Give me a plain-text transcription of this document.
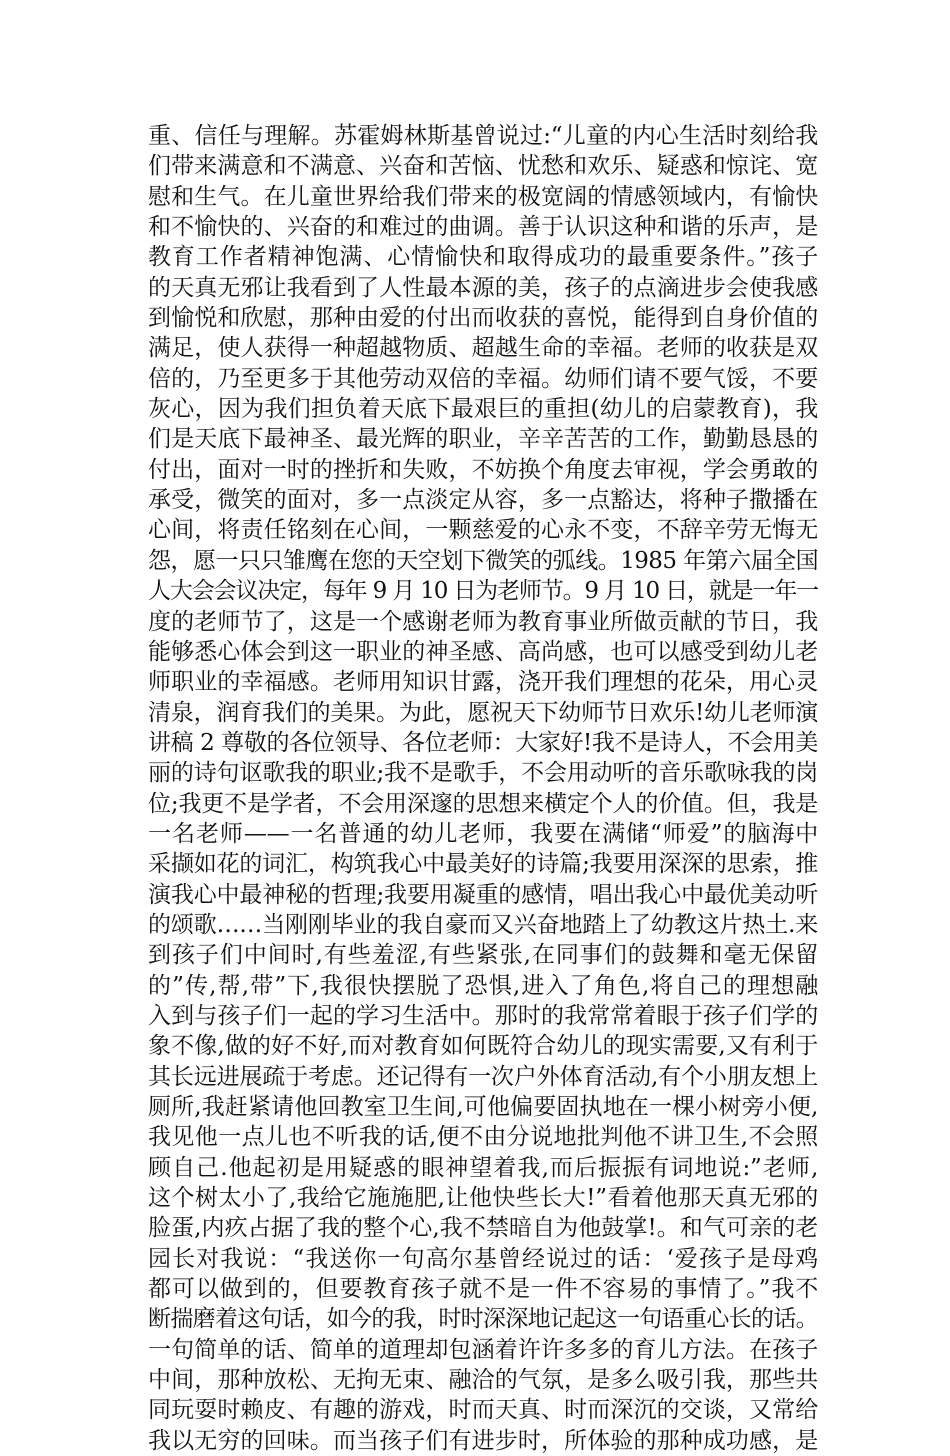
重、信任与理解。苏霍姆林斯基曾说过:“儿童的内心生活时刻给我
们带来满意和不满意、兴奋和苦恼、忧愁和欢乐、疑惑和惊诧、宽
慰和生气。在儿童世界给我们带来的极宽阔的情感领域内，有愉快
和不愉快的、兴奋的和难过的曲调。善于认识这种和谐的乐声，是
教育工作者精神饱满、心情愉快和取得成功的最重要条件。”孩子
的天真无邪让我看到了人性最本源的美，孩子的点滴进步会使我感
到愉悦和欣慰，那种由爱的付出而收获的喜悦，能得到自身价值的
满足，使人获得一种超越物质、超越生命的幸福。老师的收获是双
倍的，乃至更多于其他劳动双倍的幸福。幼师们请不要气馁，不要
灰心，因为我们担负着天底下最艰巨的重担(幼儿的启蒙教育)，我
们是天底下最神圣、最光辉的职业，辛辛苦苦的工作，勤勤恳恳的
付出，面对一时的挫折和失败，不妨换个角度去审视，学会勇敢的
承受，微笑的面对，多一点淡定从容，多一点豁达，将种子撒播在
心间，将责任铭刻在心间，一颗慈爱的心永不变，不辞辛劳无悔无
怨，愿一只只雏鹰在您的天空划下微笑的弧线。1985 年第六届全国
人大会会议决定，每年 9 月 10 日为老师节。9 月 10 日，就是一年一
度的老师节了，这是一个感谢老师为教育事业所做贡献的节日，我
能够悉心体会到这一职业的神圣感、高尚感，也可以感受到幼儿老
师职业的幸福感。老师用知识甘露，浇开我们理想的花朵，用心灵
清泉，润育我们的美果。为此，愿祝天下幼师节日欢乐!幼儿老师演
讲稿 2 尊敬的各位领导、各位老师：大家好!我不是诗人，不会用美
丽的诗句讴歌我的职业;我不是歌手，不会用动听的音乐歌咏我的岗
位;我更不是学者，不会用深邃的思想来横定个人的价值。但，我是
一名老师——一名普通的幼儿老师，我要在满储“师爱”的脑海中
采撷如花的词汇，构筑我心中最美好的诗篇;我要用深深的思索，推
演我心中最神秘的哲理;我要用凝重的感情，唱出我心中最优美动听
的颂歌……当刚刚毕业的我自豪而又兴奋地踏上了幼教这片热土.来
到孩子们中间时,有些羞涩,有些紧张,在同事们的鼓舞和毫无保留
的”传,帮,带”下,我很快摆脱了恐惧,进入了角色,将自己的理想融
入到与孩子们一起的学习生活中。那时的我常常着眼于孩子们学的
象不像,做的好不好,而对教育如何既符合幼儿的现实需要,又有利于
其长远进展疏于考虑。还记得有一次户外体育活动,有个小朋友想上
厕所,我赶紧请他回教室卫生间,可他偏要固执地在一棵小树旁小便,
我见他一点儿也不听我的话,便不由分说地批判他不讲卫生,不会照
顾自己.他起初是用疑惑的眼神望着我,而后振振有词地说:”老师,
这个树太小了,我给它施施肥,让他快些长大!”看着他那天真无邪的
脸蛋,内疚占据了我的整个心,我不禁暗自为他鼓掌!。和气可亲的老
园长对我说：“我送你一句高尔基曾经说过的话：‘爱孩子是母鸡
都可以做到的，但要教育孩子就不是一件不容易的事情了。”我不
断揣磨着这句话，如今的我，时时深深地记起这一句语重心长的话。
一句简单的话、简单的道理却包涵着许许多多的育儿方法。在孩子
中间，那种放松、无拘无束、融洽的气氛，是多么吸引我，那些共
同玩耍时赖皮、有趣的游戏，时而天真、时而深沉的交谈，又常给
我以无穷的回味。而当孩子们有进步时，所体验的那种成功感，是
